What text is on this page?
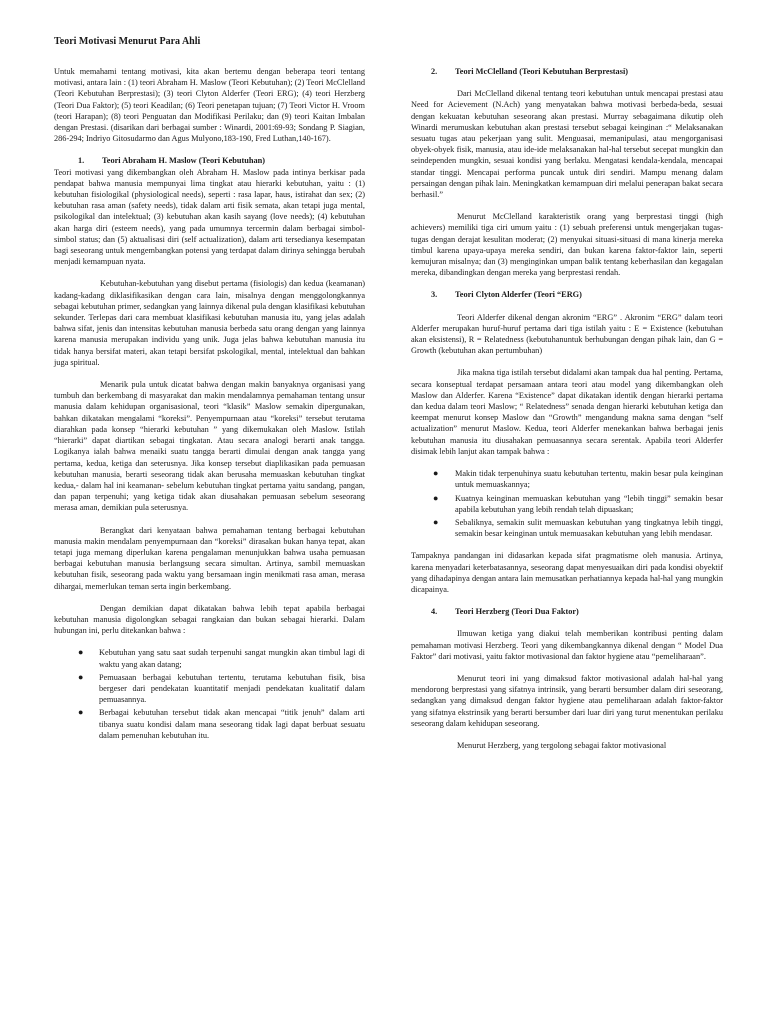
Teori Motivasi Menurut Para Ahli

Untuk memahami tentang motivasi, kita akan bertemu dengan beberapa teori tentang motivasi, antara lain : (1) teori Abraham H. Maslow (Teori Kebutuhan); (2) Teori McClelland (Teori Kebutuhan Berprestasi); (3) teori Clyton Alderfer (Teori ERG); (4) teori Herzberg (Teori Dua Faktor); (5) teori Keadilan; (6) Teori penetapan tujuan; (7) Teori Victor H. Vroom (teori Harapan); (8) teori Penguatan dan Modifikasi Perilaku; dan (9) teori Kaitan Imbalan dengan Prestasi. (disarikan dari berbagai sumber : Winardi, 2001:69-93; Sondang P. Siagian, 286-294; Indriyo Gitosudarmo dan Agus Mulyono,183-190, Fred Luthan,140-167).

1. Teori Abraham H. Maslow (Teori Kebutuhan)

Teori motivasi yang dikembangkan oleh Abraham H. Maslow pada intinya berkisar pada pendapat bahwa manusia mempunyai lima tingkat atau hierarki kebutuhan, yaitu : (1) kebutuhan fisiologikal (physiological needs), seperti : rasa lapar, haus, istirahat dan sex; (2) kebutuhan rasa aman (safety needs), tidak dalam arti fisik semata, akan tetapi juga mental, psikologikal dan intelektual; (3) kebutuhan akan kasih sayang (love needs); (4) kebutuhan akan harga diri (esteem needs), yang pada umumnya tercermin dalam berbagai simbol-simbol status; dan (5) aktualisasi diri (self actualization), dalam arti tersedianya kesempatan bagi seseorang untuk mengembangkan potensi yang terdapat dalam dirinya sehingga berubah menjadi kemampuan nyata.

Kebutuhan-kebutuhan yang disebut pertama (fisiologis) dan kedua (keamanan) kadang-kadang diklasifikasikan dengan cara lain, misalnya dengan menggolongkannya sebagai kebutuhan primer, sedangkan yang lainnya dikenal pula dengan klasifikasi kebutuhan sekunder. Terlepas dari cara membuat klasifikasi kebutuhan manusia itu, yang jelas adalah bahwa sifat, jenis dan intensitas kebutuhan manusia berbeda satu orang dengan yang lainnya karena manusia merupakan individu yang unik. Juga jelas bahwa kebutuhan manusia itu tidak hanya bersifat materi, akan tetapi bersifat pskologikal, mental, intelektual dan bahkan juga spiritual.

Menarik pula untuk dicatat bahwa dengan makin banyaknya organisasi yang tumbuh dan berkembang di masyarakat dan makin mendalamnya pemahaman tentang unsur manusia dalam kehidupan organisasional, teori “klasik” Maslow semakin dipergunakan, bahkan dikatakan mengalami “koreksi”. Penyempurnaan atau “koreksi” tersebut terutama diarahkan pada konsep “hierarki kebutuhan ” yang dikemukakan oleh Maslow. Istilah “hierarki” dapat diartikan sebagai tingkatan. Atau secara analogi berarti anak tangga. Logikanya ialah bahwa menaiki suatu tangga berarti dimulai dengan anak tangga yang pertama, kedua, ketiga dan seterusnya. Jika konsep tersebut diaplikasikan pada pemuasan kebutuhan manusia, berarti seseorang tidak akan berusaha memuaskan kebutuhan tingkat kedua,- dalam hal ini keamanan- sebelum kebutuhan tingkat pertama yaitu sandang, pangan, dan papan terpenuhi; yang ketiga tidak akan diusahakan pemuasan sebelum seseorang merasa aman, demikian pula seterusnya.

Berangkat dari kenyataan bahwa pemahaman tentang berbagai kebutuhan manusia makin mendalam penyempurnaan dan “koreksi” dirasakan bukan hanya tepat, akan tetapi juga memang diperlukan karena pengalaman menunjukkan bahwa usaha pemuasan berbagai kebutuhan manusia berlangsung secara simultan. Artinya, sambil memuaskan kebutuhan fisik, seseorang pada waktu yang bersamaan ingin menikmati rasa aman, merasa dihargai, memerlukan teman serta ingin berkembang.

Dengan demikian dapat dikatakan bahwa lebih tepat apabila berbagai kebutuhan manusia digolongkan sebagai rangkaian dan bukan sebagai hierarki. Dalam hubungan ini, perlu ditekankan bahwa :

● Kebutuhan yang satu saat sudah terpenuhi sangat mungkin akan timbul lagi di waktu yang akan datang;
● Pemuasaan berbagai kebutuhan tertentu, terutama kebutuhan fisik, bisa bergeser dari pendekatan kuantitatif menjadi pendekatan kualitatif dalam pemuasannya.
● Berbagai kebutuhan tersebut tidak akan mencapai “titik jenuh” dalam arti tibanya suatu kondisi dalam mana seseorang tidak lagi dapat berbuat sesuatu dalam pemenuhan kebutuhan itu.
2. Teori McClelland (Teori Kebutuhan Berprestasi)

Dari McClelland dikenal tentang teori kebutuhan untuk mencapai prestasi atau Need for Acievement (N.Ach) yang menyatakan bahwa motivasi berbeda-beda, sesuai dengan kekuatan kebutuhan seseorang akan prestasi. Murray sebagaimana dikutip oleh Winardi merumuskan kebutuhan akan prestasi tersebut sebagai keinginan :“ Melaksanakan sesuatu tugas atau pekerjaan yang sulit. Menguasai, memanipulasi, atau mengorganisasi obyek-obyek fisik, manusia, atau ide-ide melaksanakan hal-hal tersebut secepat mungkin dan seindependen mungkin, sesuai kondisi yang berlaku. Mengatasi kendala-kendala, mencapai standar tinggi. Mencapai performa puncak untuk diri sendiri. Mampu menang dalam persaingan dengan pihak lain. Meningkatkan kemampuan diri melalui penerapan bakat secara berhasil.”

Menurut McClelland karakteristik orang yang berprestasi tinggi (high achievers) memiliki tiga ciri umum yaitu : (1) sebuah preferensi untuk mengerjakan tugas-tugas dengan derajat kesulitan moderat; (2) menyukai situasi-situasi di mana kinerja mereka timbul karena upaya-upaya mereka sendiri, dan bukan karena faktor-faktor lain, seperti kemujuran misalnya; dan (3) menginginkan umpan balik tentang keberhasilan dan kegagalan mereka, dibandingkan dengan mereka yang berprestasi rendah.

3. Teori Clyton Alderfer (Teori “ERG)

Teori Alderfer dikenal dengan akronim “ERG” . Akronim “ERG” dalam teori Alderfer merupakan huruf-huruf pertama dari tiga istilah yaitu : E = Existence (kebutuhan akan eksistensi), R = Relatedness (kebutuhanuntuk berhubungan dengan pihak lain, dan G = Growth (kebutuhan akan pertumbuhan)

Jika makna tiga istilah tersebut didalami akan tampak dua hal penting. Pertama, secara konseptual terdapat persamaan antara teori atau model yang dikembangkan oleh Maslow dan Alderfer. Karena “Existence” dapat dikatakan identik dengan hierarki pertama dan kedua dalam teori Maslow; “ Relatedness” senada dengan hierarki kebutuhan ketiga dan keempat menurut konsep Maslow dan “Growth” mengandung makna sama dengan “self actualization” menurut Maslow. Kedua, teori Alderfer menekankan bahwa berbagai jenis kebutuhan manusia itu diusahakan pemuasannya secara serentak. Apabila teori Alderfer disimak lebih lanjut akan tampak bahwa :

● Makin tidak terpenuhinya suatu kebutuhan tertentu, makin besar pula keinginan untuk memuaskannya;
● Kuatnya keinginan memuaskan kebutuhan yang “lebih tinggi” semakin besar apabila kebutuhan yang lebih rendah telah dipuaskan;
● Sebaliknya, semakin sulit memuaskan kebutuhan yang tingkatnya lebih tinggi, semakin besar keinginan untuk memuasakan kebutuhan yang lebih mendasar.

Tampaknya pandangan ini didasarkan kepada sifat pragmatisme oleh manusia. Artinya, karena menyadari keterbatasannya, seseorang dapat menyesuaikan diri pada kondisi obyektif yang dihadapinya dengan antara lain memusatkan perhatiannya kepada hal-hal yang mungkin dicapainya.

4. Teori Herzberg (Teori Dua Faktor)

Ilmuwan ketiga yang diakui telah memberikan kontribusi penting dalam pemahaman motivasi Herzberg. Teori yang dikembangkannya dikenal dengan “ Model Dua Faktor” dari motivasi, yaitu faktor motivasional dan faktor hygiene atau “pemeliharaan”.

Menurut teori ini yang dimaksud faktor motivasional adalah hal-hal yang mendorong berprestasi yang sifatnya intrinsik, yang berarti bersumber dalam diri seseorang, sedangkan yang dimaksud dengan faktor hygiene atau pemeliharaan adalah faktor-faktor yang sifatnya ekstrinsik yang berarti bersumber dari luar diri yang turut menentukan perilaku seseorang dalam kehidupan seseorang.

Menurut Herzberg, yang tergolong sebagai faktor motivasional
